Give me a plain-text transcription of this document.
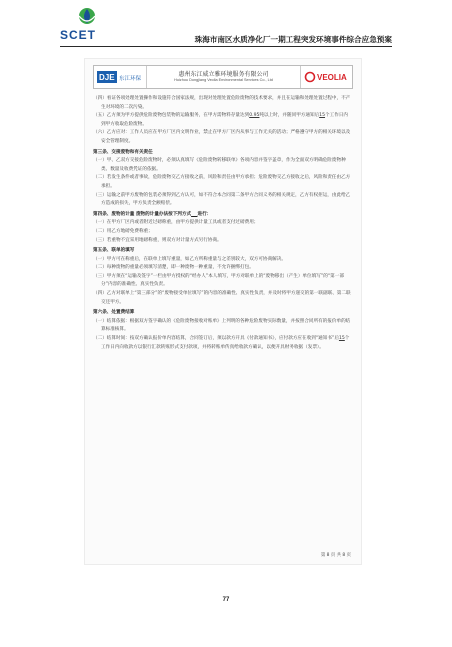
SCET	珠海市南区水质净化厂一期工程突发环境事件综合应急预案
DJE 东江环保
惠州东江威立雅环境服务有限公司
Huizhou Dongjiang Veolia Environmental Services Co., Ltd	VEOLIA

（四）看证各项处理处置操作和设施符合国家法规，出现对处理处置危险废物的技术要求，并且在运输和处理处置过程中，不产生对环境的二次污染。

（五）乙方须为甲方提供危险废物包装物的运输服务，在甲方需物料存量达到0.95吨以上时，并随同甲方通知后15个工作日内到甲方收取危险废物。

（六）乙方应对：工作人员应在甲方厂区内文明作业，禁止在甲方厂区内从事与工作无关的活动；严格遵守甲方的相关环境以及安全管理制度。

第三条、交接废物和有关责任

（一）甲、乙双方交接危险废物时，必须认真填写《危险废物转移联单》各项内容并签字盖章，作为全面双方明确危险废物种类、数量及收费凭证的依据。

（二）若发生条件或者事故，危险废物交乙方接收之前，风险和责任由甲方承担；危险废物交乙方接收之后，风险和责任由乙方承担。

（三）运输之前甲方废物的包装必须得到乙方认可，如不符合本合同第二条甲方合同义务的相关规定，乙方有权拒运，由此给乙方造成的损失，甲方负责全额赔偿。

第四条、废物的计量 废物的计量办法按下列方式 进行：

（一）在甲方厂区内或者附近过磅称重，由甲方提供计量工具或者支付过磅费用；

（二）用乙方地磅免费称重；

（三）若重物不宜采用地磅称重，则双方对计量方式另行协商。

第五条、联单的填写

（一）甲方可在称重后，在联单上填写重量，如乙方所称重量与之差别较大，双方可协商解决。

（二）每种废物的重量必须填写清楚，即一种废物一种重量，不允许捆绑打包。

（三）甲方须在“运输及签字”一栏由甲方授权的“经办人”本人填写，甲方对联单上的“废物移出（产生）单位填写”的“第一部分”内容的准确性、真实性负责。

（四）乙方对联单上“第三部分”的“废物接受单位填写”的内容的准确性、真实性负责，并及时将甲方递交的第一联副联、第二联交还甲方。

第六条、处置费结算

（一）结算依据：根据双方签字确认的《危险废物接收对账单》上列明的各种危险废物实际数量，并按照合同所有的报价单的结算标准核算。

（二）结算时间：按双方确认报价单内容结算，合同签订后，须以款方开具《付款通知书》，应付款方应在收到“通知书”后15个工作日内向收款方以银行汇款转账形式支付款项，并将转账单传真给收款方确认，以便开具财务收据（发票）。

第 8 页 共 8 页
77
